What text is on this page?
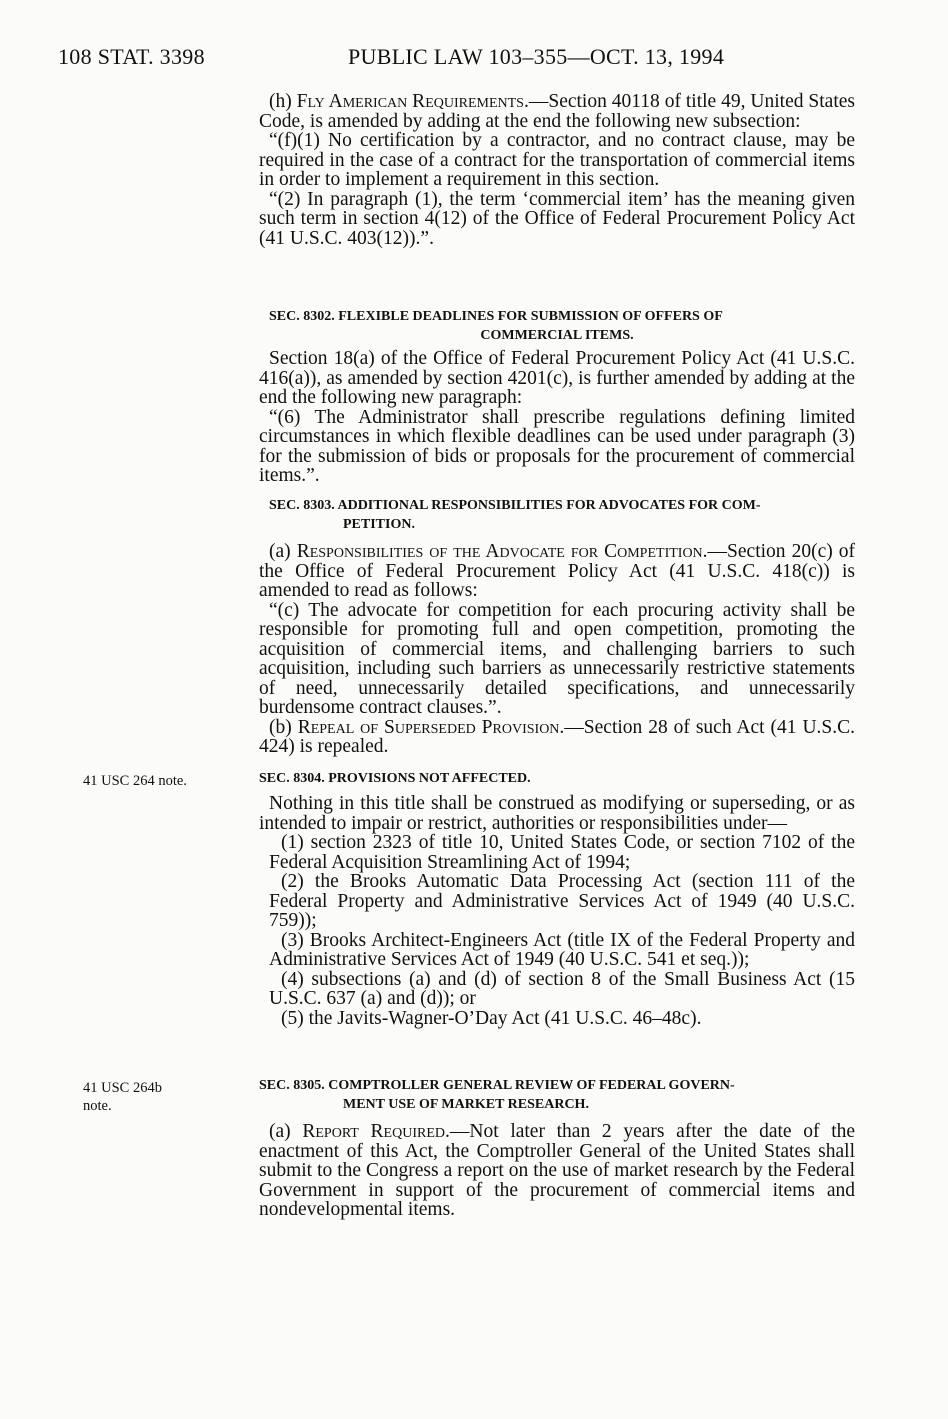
108 STAT. 3398	PUBLIC LAW 103–355—OCT. 13, 1994

(h) Fly American Requirements.—Section 40118 of title 49, United States Code, is amended by adding at the end the following new subsection:

“(f)(1) No certification by a contractor, and no contract clause, may be required in the case of a contract for the transportation of commercial items in order to implement a requirement in this section.

“(2) In paragraph (1), the term ‘commercial item’ has the meaning given such term in section 4(12) of the Office of Federal Procurement Policy Act (41 U.S.C. 403(12)).”.

SEC. 8302. FLEXIBLE DEADLINES FOR SUBMISSION OF OFFERS OF
COMMERCIAL ITEMS.

Section 18(a) of the Office of Federal Procurement Policy Act (41 U.S.C. 416(a)), as amended by section 4201(c), is further amended by adding at the end the following new paragraph:

“(6) The Administrator shall prescribe regulations defining limited circumstances in which flexible deadlines can be used under paragraph (3) for the submission of bids or proposals for the procurement of commercial items.”.

SEC. 8303. ADDITIONAL RESPONSIBILITIES FOR ADVOCATES FOR COM-
PETITION.

(a) Responsibilities of the Advocate for Competition.—Section 20(c) of the Office of Federal Procurement Policy Act (41 U.S.C. 418(c)) is amended to read as follows:

“(c) The advocate for competition for each procuring activity shall be responsible for promoting full and open competition, promoting the acquisition of commercial items, and challenging barriers to such acquisition, including such barriers as unnecessarily restrictive statements of need, unnecessarily detailed specifications, and unnecessarily burdensome contract clauses.”.

(b) Repeal of Superseded Provision.—Section 28 of such Act (41 U.S.C. 424) is repealed.

41 USC 264 note.	SEC. 8304. PROVISIONS NOT AFFECTED.

Nothing in this title shall be construed as modifying or superseding, or as intended to impair or restrict, authorities or responsibilities under—

(1) section 2323 of title 10, United States Code, or section 7102 of the Federal Acquisition Streamlining Act of 1994;

(2) the Brooks Automatic Data Processing Act (section 111 of the Federal Property and Administrative Services Act of 1949 (40 U.S.C. 759));

(3) Brooks Architect-Engineers Act (title IX of the Federal Property and Administrative Services Act of 1949 (40 U.S.C. 541 et seq.));

(4) subsections (a) and (d) of section 8 of the Small Business Act (15 U.S.C. 637 (a) and (d)); or

(5) the Javits-Wagner-O’Day Act (41 U.S.C. 46–48c).

41 USC 264b
note.
SEC. 8305. COMPTROLLER GENERAL REVIEW OF FEDERAL GOVERN-
MENT USE OF MARKET RESEARCH.

(a) Report Required.—Not later than 2 years after the date of the enactment of this Act, the Comptroller General of the United States shall submit to the Congress a report on the use of market research by the Federal Government in support of the procurement of commercial items and nondevelopmental items.
